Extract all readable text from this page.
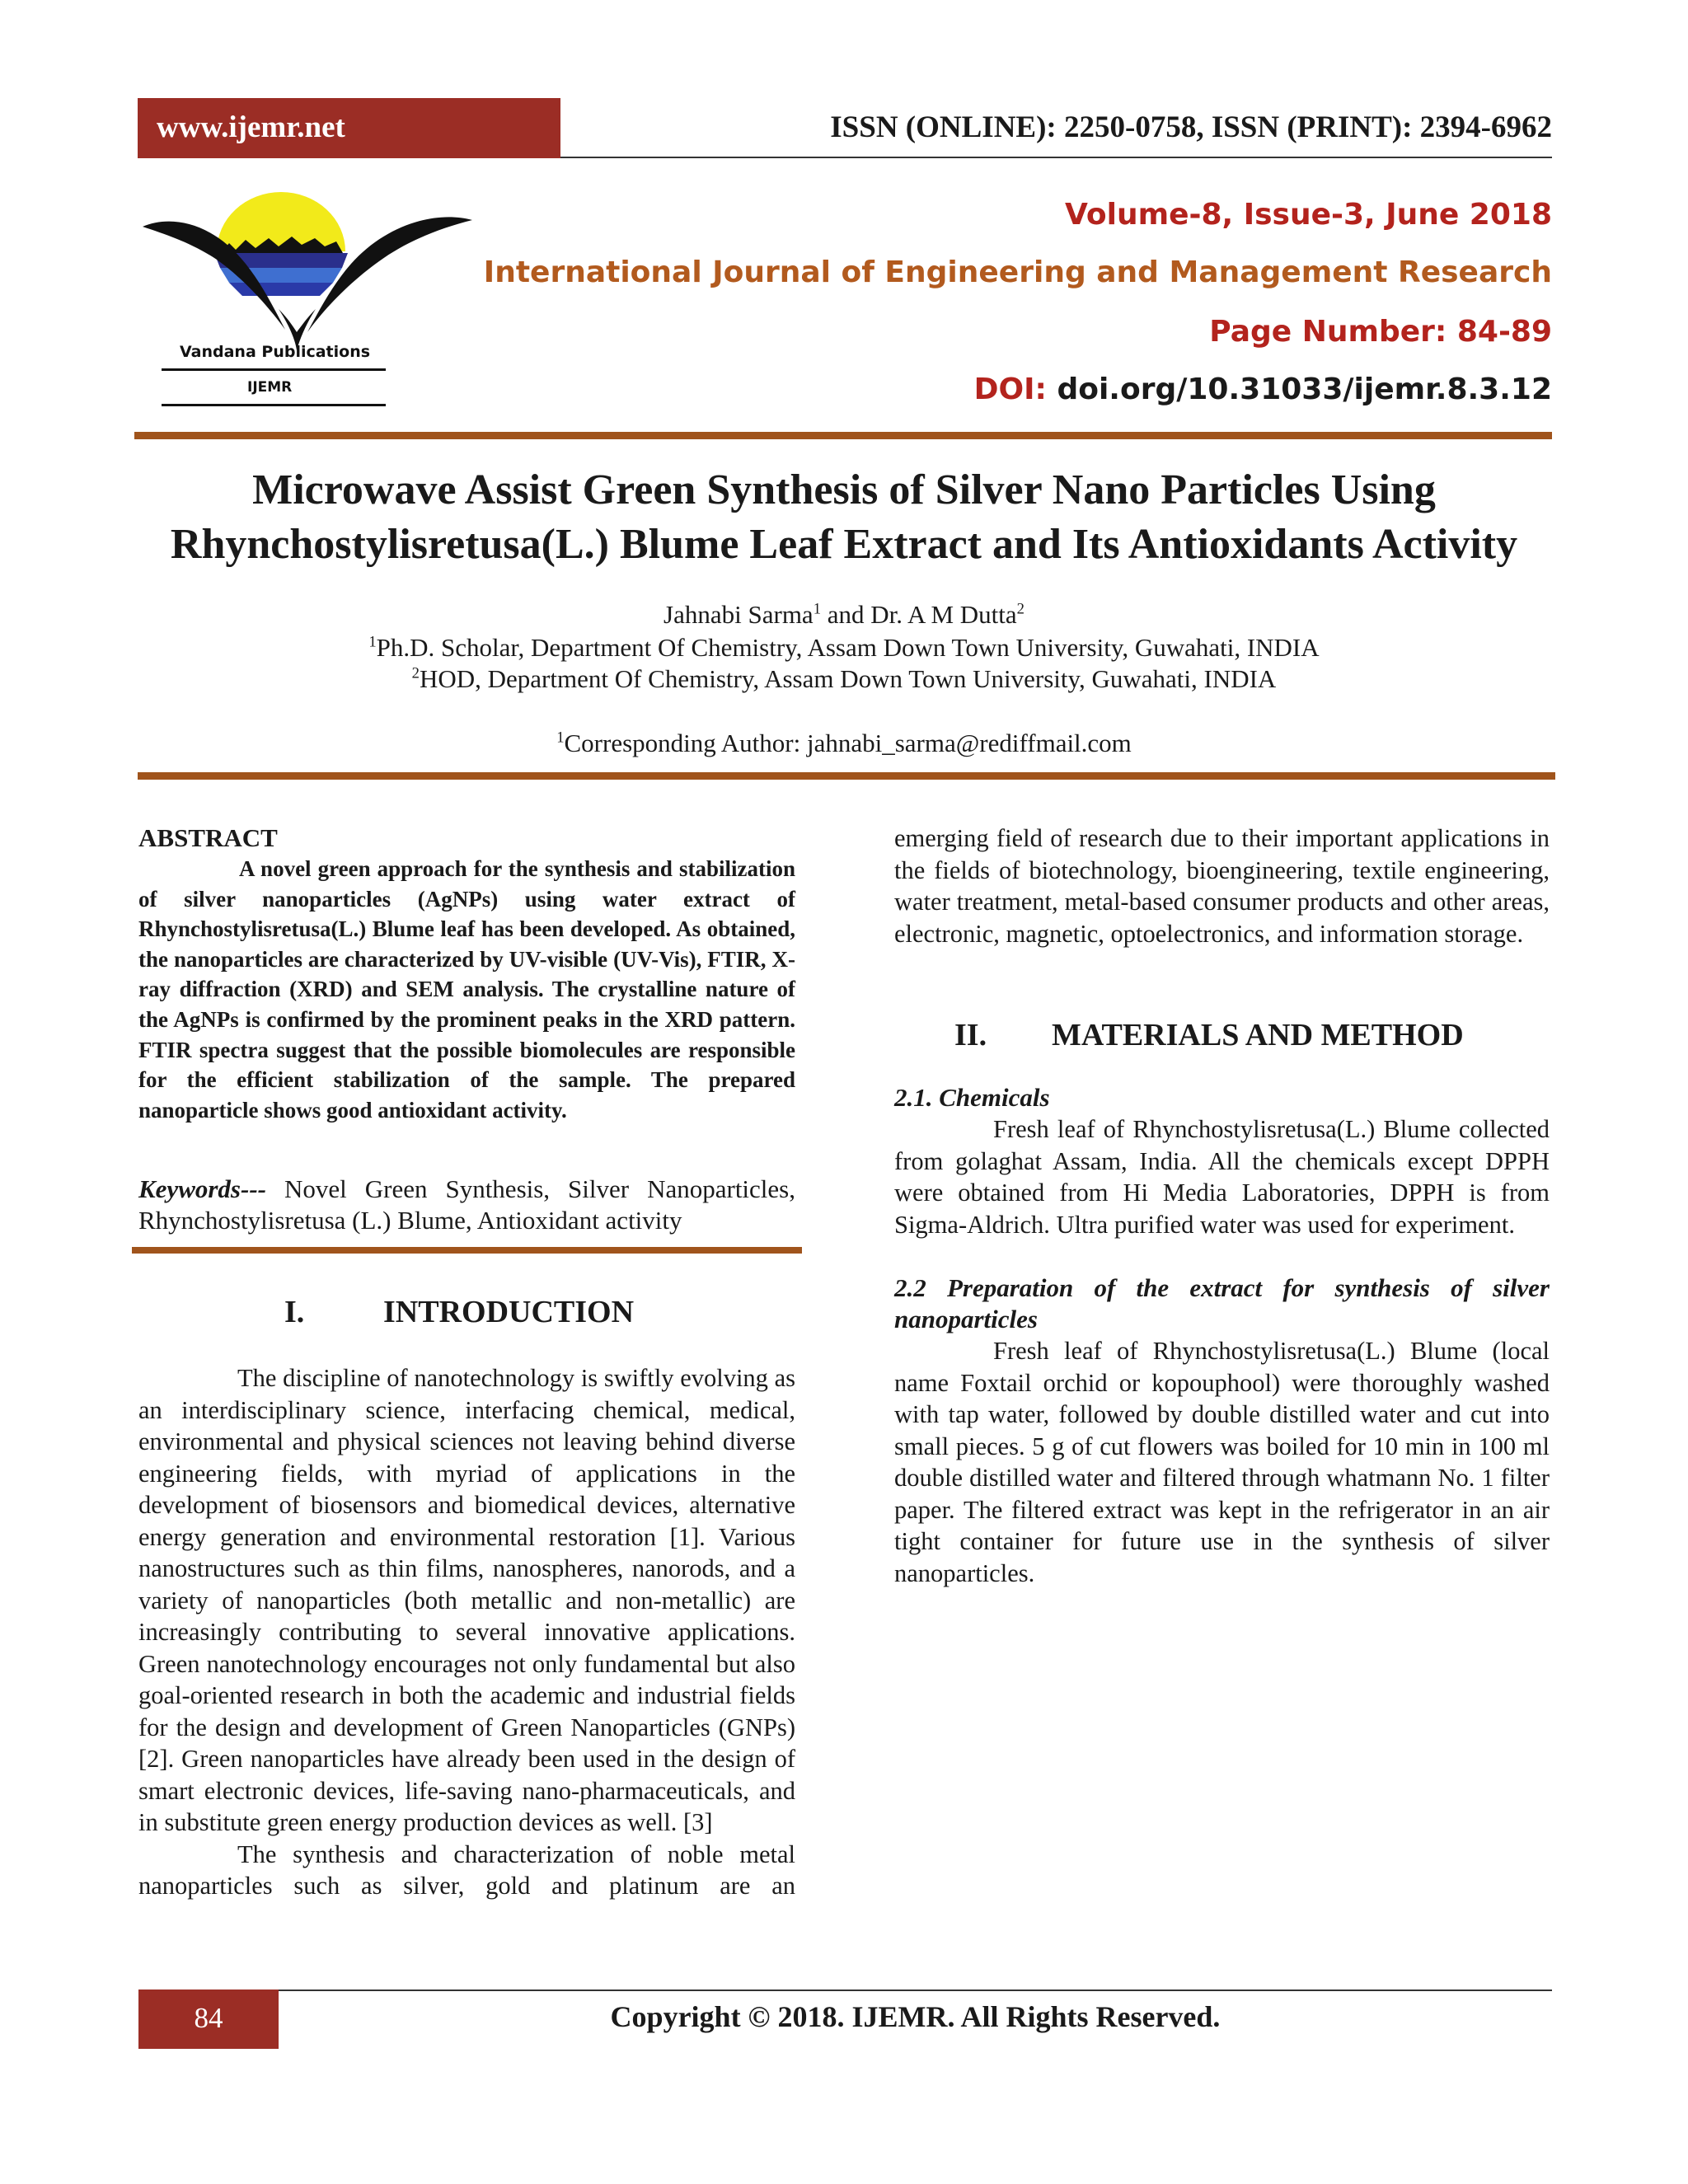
www.ijemr.net	ISSN (ONLINE): 2250-0758, ISSN (PRINT): 2394-6962
Vandana Publications
IJEMR
Volume-8, Issue-3, June 2018
International Journal of Engineering and Management Research
Page Number: 84-89
DOI: doi.org/10.31033/ijemr.8.3.12
Microwave Assist Green Synthesis of Silver Nano Particles Using
Rhynchostylisretusa(L.) Blume Leaf Extract and Its Antioxidants Activity
Jahnabi Sarma$^1$ and Dr. A M Dutta$^2$
$^1$Ph.D. Scholar, Department Of Chemistry, Assam Down Town University, Guwahati, INDIA
$^2$HOD, Department Of Chemistry, Assam Down Town University, Guwahati, INDIA
$^1$Corresponding Author: jahnabi_sarma@rediffmail.com
ABSTRACT
A novel green approach for the synthesis and stabilization of silver nanoparticles (AgNPs) using water extract of Rhynchostylisretusa(L.) Blume leaf has been developed. As obtained, the nanoparticles are characterized by UV-visible (UV-Vis), FTIR, X-ray diffraction (XRD) and SEM analysis. The crystalline nature of the AgNPs is confirmed by the prominent peaks in the XRD pattern. FTIR spectra suggest that the possible biomolecules are responsible for the efficient stabilization of the sample. The prepared nanoparticle shows good antioxidant activity.
Keywords--- Novel Green Synthesis, Silver Nanoparticles, Rhynchostylisretusa (L.) Blume, Antioxidant activity
I.	INTRODUCTION

The discipline of nanotechnology is swiftly evolving as an interdisciplinary science, interfacing chemical, medical, environmental and physical sciences not leaving behind diverse engineering fields, with myriad of applications in the development of biosensors and biomedical devices, alternative energy generation and environmental restoration [1]. Various nanostructures such as thin films, nanospheres, nanorods, and a variety of nanoparticles (both metallic and non-metallic) are increasingly contributing to several innovative applications. Green nanotechnology encourages not only fundamental but also goal-oriented research in both the academic and industrial fields for the design and development of Green Nanoparticles (GNPs) [2]. Green nanoparticles have already been used in the design of smart electronic devices, life-saving nano-pharmaceuticals, and in substitute green energy production devices as well. [3]

The synthesis and characterization of noble metal nanoparticles such as silver, gold and platinum are an

emerging field of research due to their important applications in the fields of biotechnology, bioengineering, textile engineering, water treatment, metal-based consumer products and other areas, electronic, magnetic, optoelectronics, and information storage.
II. MATERIALS AND METHOD
2.1. Chemicals

Fresh leaf of Rhynchostylisretusa(L.) Blume collected from golaghat Assam, India. All the chemicals except DPPH were obtained from Hi Media Laboratories, DPPH is from Sigma-Aldrich. Ultra purified water was used for experiment.

2.2 Preparation of the extract for synthesis of silver nanoparticles

Fresh leaf of Rhynchostylisretusa(L.) Blume (local name Foxtail orchid or kopouphool) were thoroughly washed with tap water, followed by double distilled water and cut into small pieces. 5 g of cut flowers was boiled for 10 min in 100 ml double distilled water and filtered through whatmann No. 1 filter paper. The filtered extract was kept in the refrigerator in an air tight container for future use in the synthesis of silver nanoparticles.

84	Copyright © 2018. IJEMR. All Rights Reserved.
